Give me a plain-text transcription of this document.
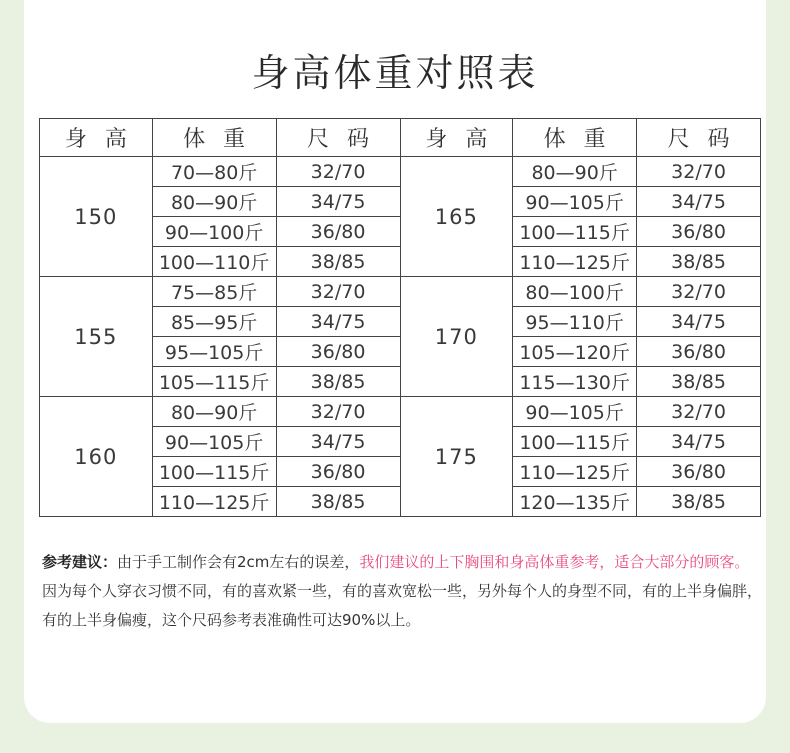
身高体重对照表
身高	体重	尺码	身高	体重	尺码
150	70—80斤	32/70	165	80—90斤	32/70
	80—90斤	34/75		90—105斤	34/75
	90—100斤	36/80		100—115斤	36/80
	100—110斤	38/85		110—125斤	38/85
155	75—85斤	32/70	170	80—100斤	32/70
	85—95斤	34/75		95—110斤	34/75
	95—105斤	36/80		105—120斤	36/80
	105—115斤	38/85		115—130斤	38/85
160	80—90斤	32/70	175	90—105斤	32/70
	90—105斤	34/75		100—115斤	34/75
	100—115斤	36/80		110—125斤	36/80
	110—125斤	38/85		120—135斤	38/85
参考建议：由于手工制作会有2cm左右的误差，我们建议的上下胸围和身高体重参考，适合大部分的顾客。因为每个人穿衣习惯不同，有的喜欢紧一些，有的喜欢宽松一些，另外每个人的身型不同，有的上半身偏胖，有的上半身偏瘦，这个尺码参考表准确性可达90%以上。
